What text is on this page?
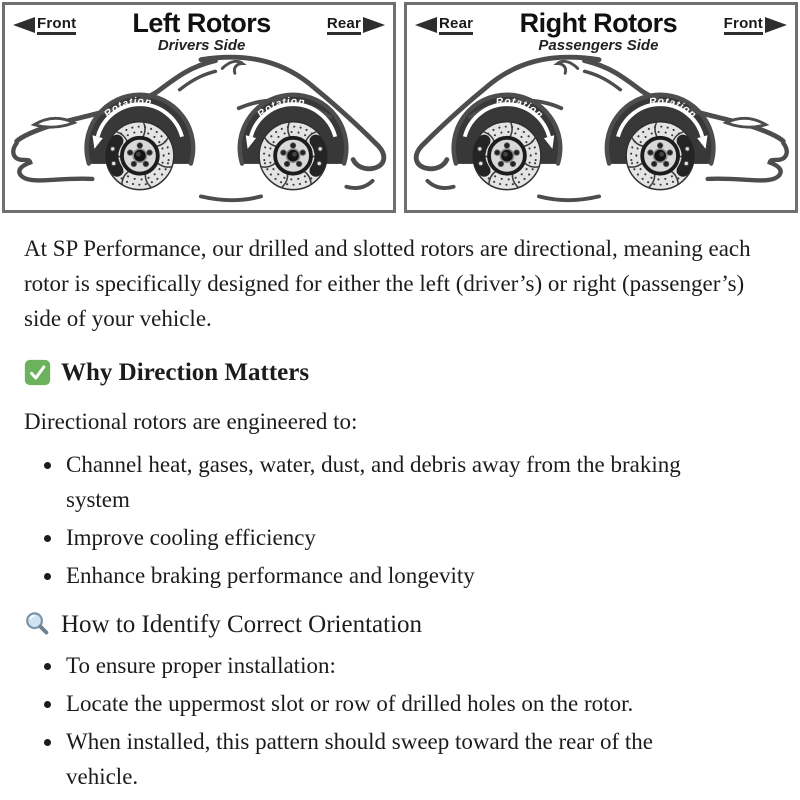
Front	Left Rotors
Drivers Side
Rear	Rear	Right Rotors
Passengers Side
Front

At SP Performance, our drilled and slotted rotors are directional, meaning each rotor is specifically designed for either the left (driver’s) or right (passenger’s) side of your vehicle.

Why Direction Matters

Directional rotors are engineered to:

• Channel heat, gases, water, dust, and debris away from the braking system
• Improve cooling efficiency
• Enhance braking performance and longevity
How to Identify Correct Orientation
• To ensure proper installation:
• Locate the uppermost slot or row of drilled holes on the rotor.
• When installed, this pattern should sweep toward the rear of the vehicle.
